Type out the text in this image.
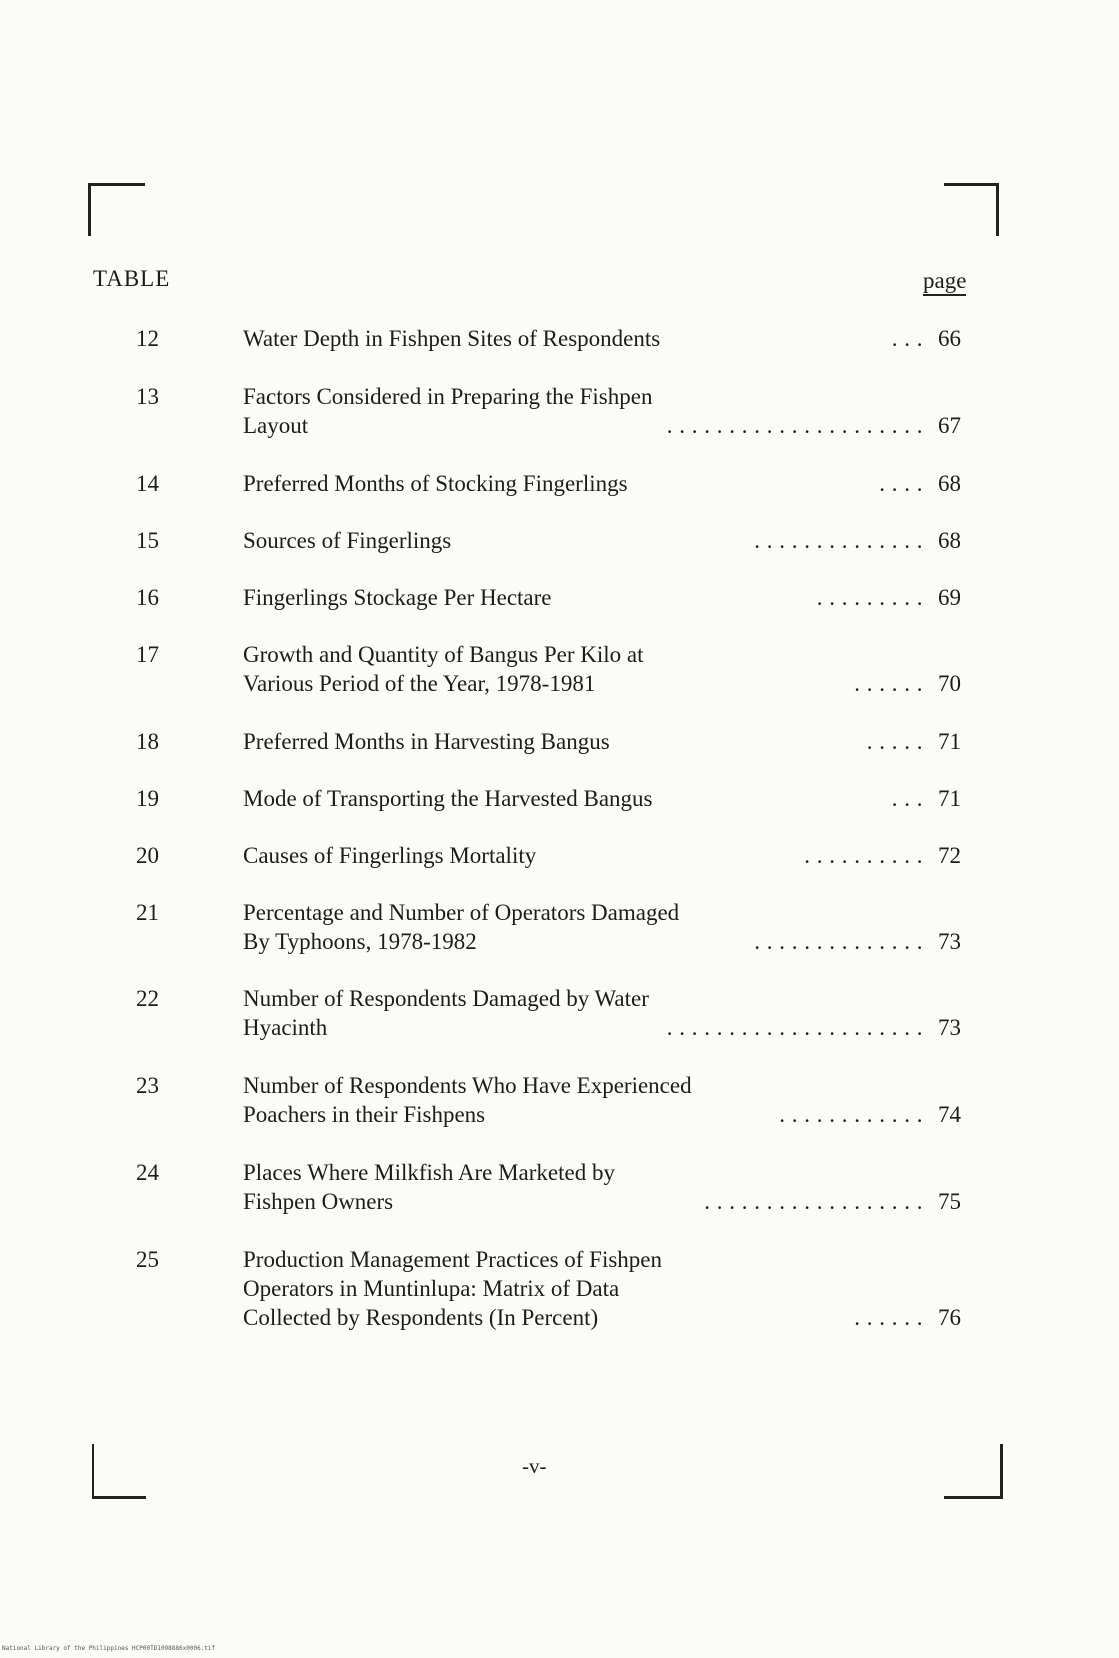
TABLE	page
12	Water Depth in Fishpen Sites of Respondents	. . . 66
13	Factors Considered in Preparing the Fishpen
Layout	. . . . . . . . . . . . . . . . . . . . . 67
14	Preferred Months of Stocking Fingerlings	. . . . 68
15	Sources of Fingerlings	. . . . . . . . . . . . . . 68
16	Fingerlings Stockage Per Hectare	. . . . . . . . . 69
17	Growth and Quantity of Bangus Per Kilo at
Various Period of the Year, 1978-1981	. . . . . . 70
18	Preferred Months in Harvesting Bangus	. . . . . 71
19	Mode of Transporting the Harvested Bangus	. . . 71
20	Causes of Fingerlings Mortality	. . . . . . . . . . 72
21	Percentage and Number of Operators Damaged
By Typhoons, 1978-1982	. . . . . . . . . . . . . . 73
22	Number of Respondents Damaged by Water
Hyacinth	. . . . . . . . . . . . . . . . . . . . . 73
23	Number of Respondents Who Have Experienced
Poachers in their Fishpens	. . . . . . . . . . . . 74
24	Places Where Milkfish Are Marketed by
Fishpen Owners	. . . . . . . . . . . . . . . . . . 75
25	Production Management Practices of Fishpen
Operators in Muntinlupa: Matrix of Data
Collected by Respondents (In Percent)	. . . . . . 76
-v-
National Library of the Philippines HCP00TD1098886x0006.tif
